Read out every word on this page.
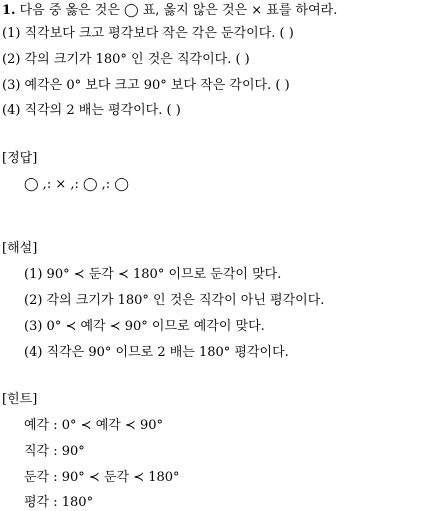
1. 다음 중 옳은 것은 ◯ 표, 옳지 않은 것은 × 표를 하여라.
(1) 직각보다 크고 평각보다 작은 각은 둔각이다. ( )
(2) 각의 크기가 180° 인 것은 직각이다. ( )
(3) 예각은 0° 보다 크고 90° 보다 작은 각이다. ( )
(4) 직각의 2 배는 평각이다. ( )
[정답]
◯ ,: × ,: ◯ ,: ◯
[해설]
(1) 90° ≺ 둔각 ≺ 180° 이므로 둔각이 맞다.
(2) 각의 크기가 180° 인 것은 직각이 아닌 평각이다.
(3) 0° ≺ 예각 ≺ 90° 이므로 예각이 맞다.
(4) 직각은 90° 이므로 2 배는 180° 평각이다.
[힌트]
예각 : 0° ≺ 예각 ≺ 90°
직각 : 90°
둔각 : 90° ≺ 둔각 ≺ 180°
평각 : 180°
